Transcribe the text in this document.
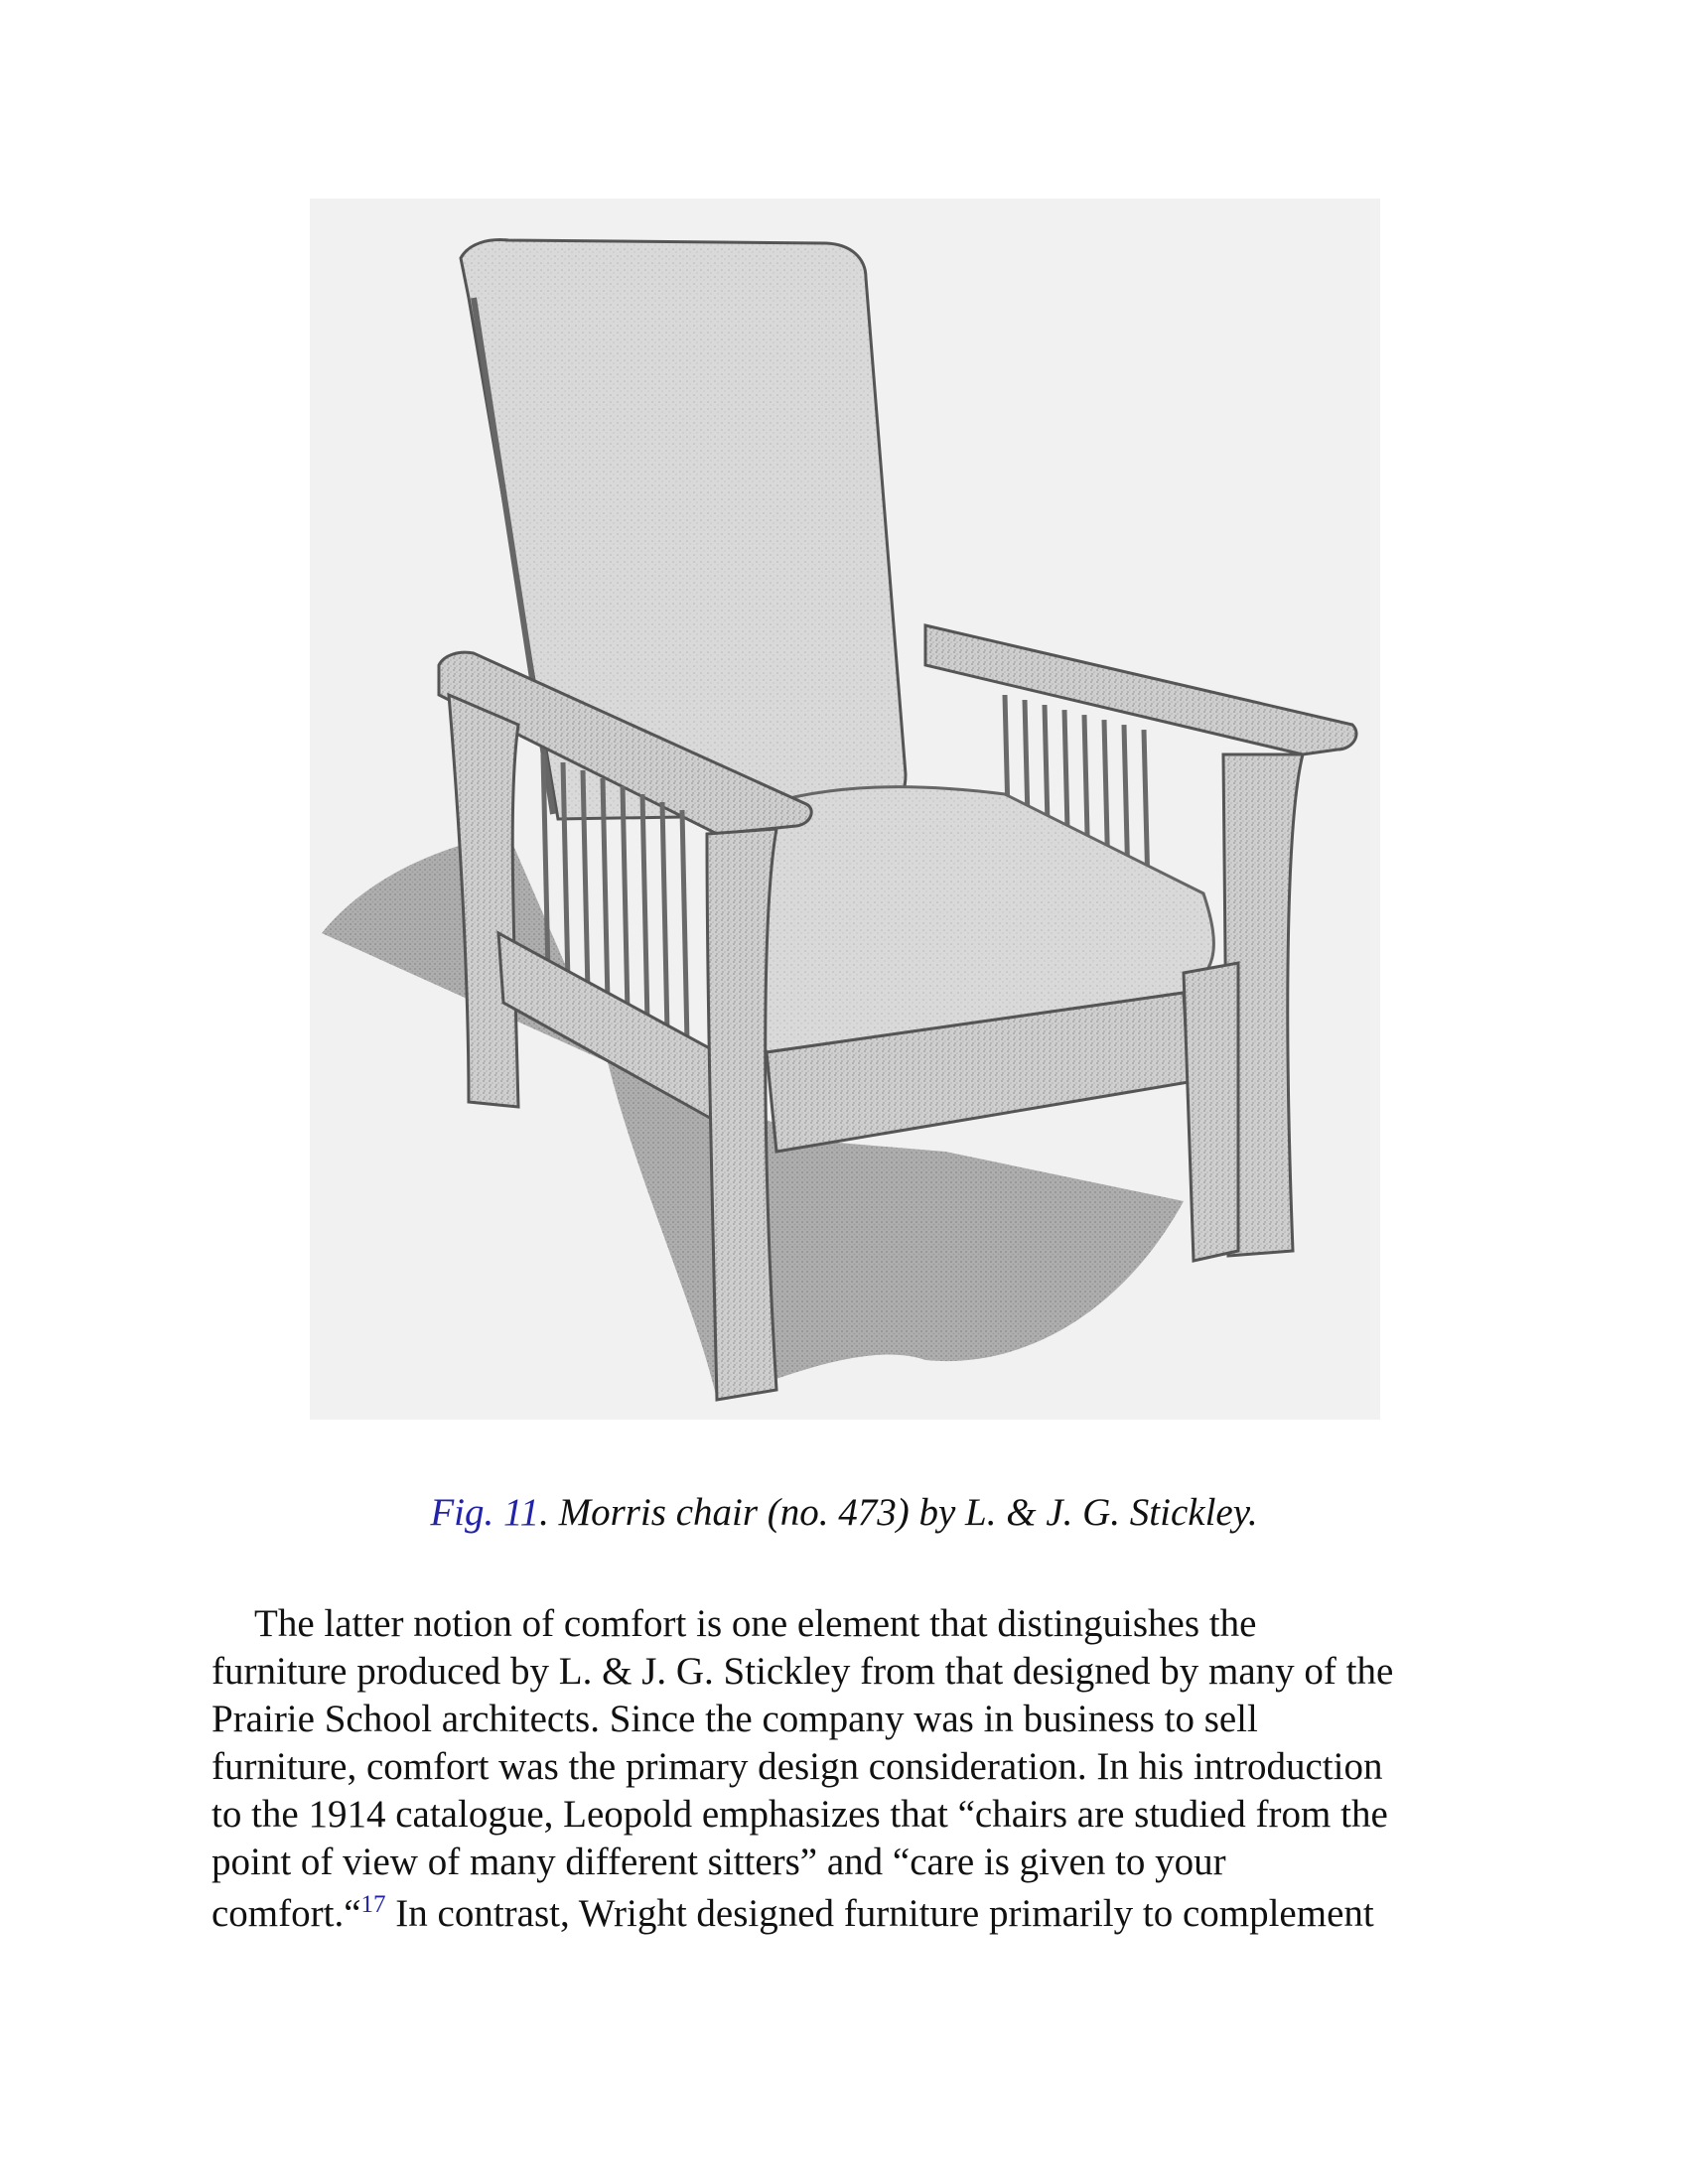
Fig. 11. Morris chair (no. 473) by L. & J. G. Stickley.
The latter notion of comfort is one element that distinguishes the
furniture produced by L. & J. G. Stickley from that designed by many of the
Prairie School architects. Since the company was in business to sell
furniture, comfort was the primary design consideration. In his introduction
to the 1914 catalogue, Leopold emphasizes that “chairs are studied from the
point of view of many different sitters” and “care is given to your
comfort.“$^{17}$ In contrast, Wright designed furniture primarily to complement
